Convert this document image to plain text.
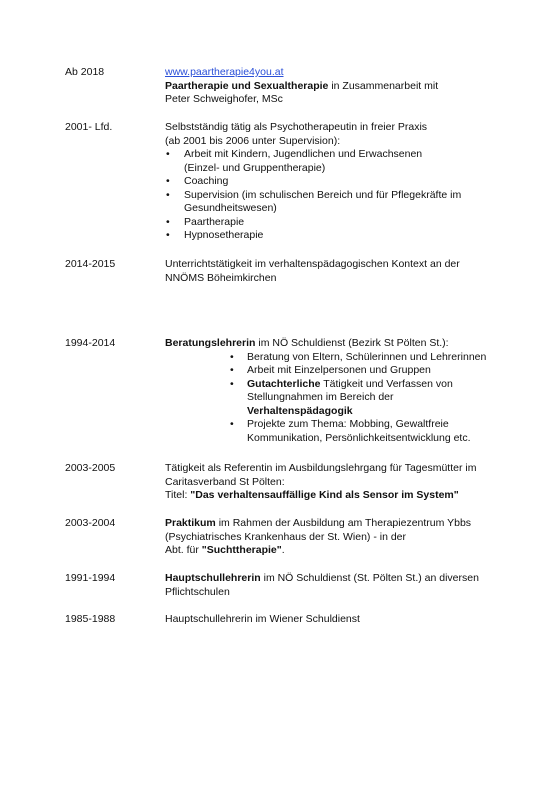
Ab 2018	www.paartherapie4you.at

Paartherapie und Sexualtherapie in Zusammenarbeit mit

Peter Schweighofer, MSc

2001- Lfd.	Selbstständig tätig als Psychotherapeutin in freier Praxis

(ab 2001 bis 2006 unter Supervision):

• Arbeit mit Kindern, Jugendlichen und Erwachsenen
(Einzel- und Gruppentherapie)
• Coaching
• Supervision (im schulischen Bereich und für Pflegekräfte im
Gesundheitswesen)
• Paartherapie
• Hypnosetherapie
2014-2015	Unterrichtstätigkeit im verhaltenspädagogischen Kontext an der

NNÖMS Böheimkirchen

1994-2014	Beratungslehrerin im NÖ Schuldienst (Bezirk St Pölten St.):

• Beratung von Eltern, Schülerinnen und Lehrerinnen
• Arbeit mit Einzelpersonen und Gruppen
• Gutachterliche Tätigkeit und Verfassen von
Stellungnahmen im Bereich der
Verhaltenspädagogik
• Projekte zum Thema: Mobbing, Gewaltfreie
Kommunikation, Persönlichkeitsentwicklung etc.
2003-2005	Tätigkeit als Referentin im Ausbildungslehrgang für Tagesmütter im

Caritasverband St Pölten:

Titel: "Das verhaltensauffällige Kind als Sensor im System"

2003-2004	Praktikum im Rahmen der Ausbildung am Therapiezentrum Ybbs

(Psychiatrisches Krankenhaus der St. Wien) - in der

Abt. für "Suchttherapie".

1991-1994	Hauptschullehrerin im NÖ Schuldienst (St. Pölten St.) an diversen

Pflichtschulen

1985-1988	Hauptschullehrerin im Wiener Schuldienst
